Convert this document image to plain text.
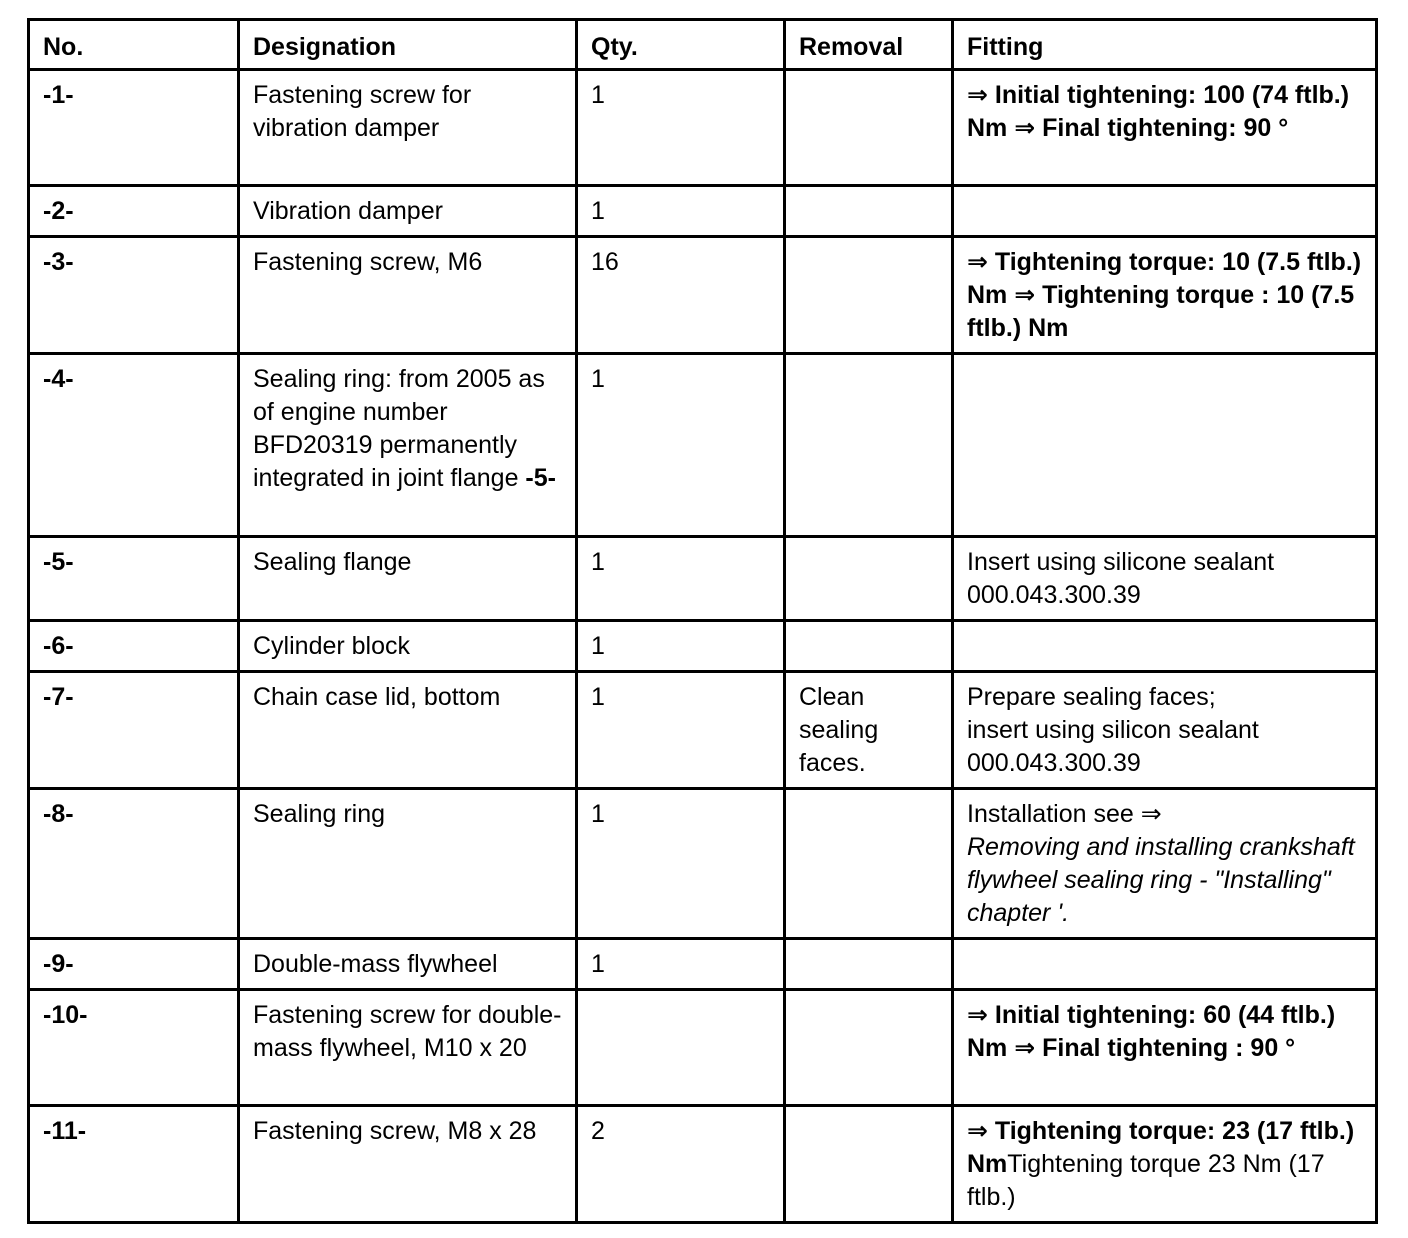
No.	Designation	Qty.	Removal	Fitting
-1-	Fastening screw for vibration damper	1		⇒ Initial tightening: 100 (74 ftlb.) Nm ⇒ Final tightening: 90 °
-2-	Vibration damper	1		
-3-	Fastening screw, M6	16		⇒ Tightening torque: 10 (7.5 ftlb.) Nm ⇒ Tightening torque : 10 (7.5 ftlb.) Nm
-4-	Sealing ring: from 2005 as of engine number BFD20319 permanently integrated in joint flange -5-	1		
-5-	Sealing flange	1		Insert using silicone sealant 000.043.300.39
-6-	Cylinder block	1		
-7-	Chain case lid, bottom	1	Clean sealing faces.	Prepare sealing faces;
insert using silicon sealant 000.043.300.39

-8-	Sealing ring	1		Installation see ⇒
Removing and installing crankshaft flywheel sealing ring - "Installing" chapter '.

-9-	Double-mass flywheel	1		
-10-	Fastening screw for double-mass flywheel, M10 x 20			⇒ Initial tightening: 60 (44 ftlb.) Nm ⇒ Final tightening : 90 °
-11-	Fastening screw, M8 x 28	2		⇒ Tightening torque: 23 (17 ftlb.) NmTightening torque 23 Nm (17 ftlb.)
